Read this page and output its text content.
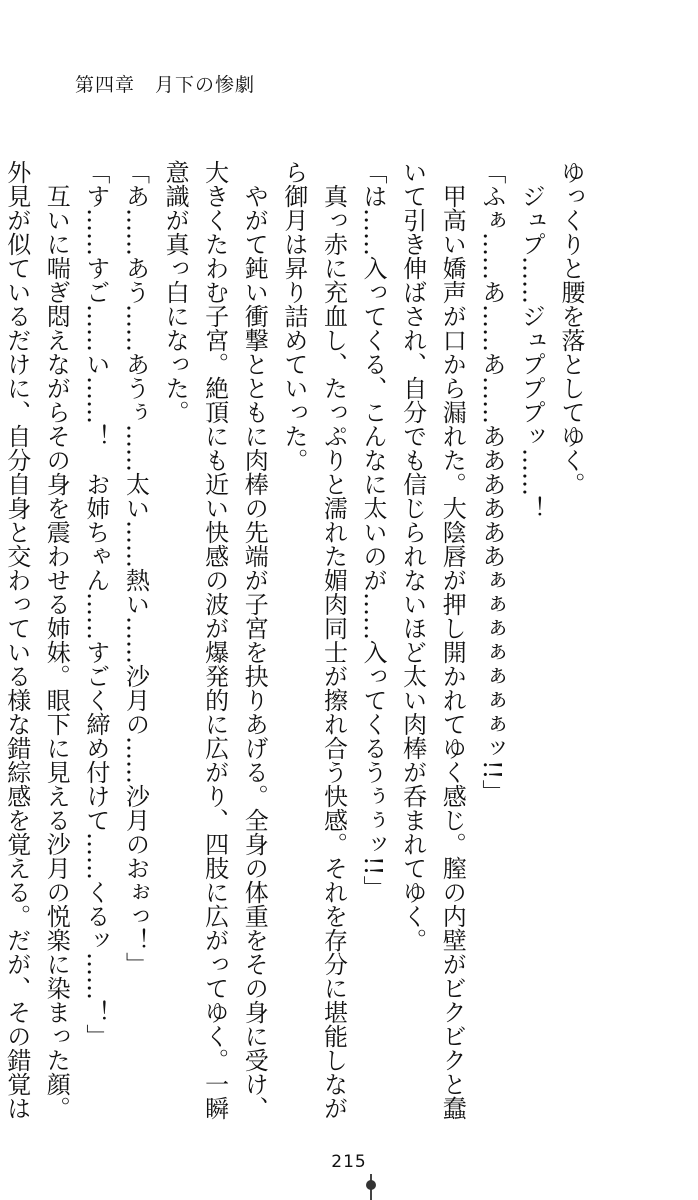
第四章　月下の惨劇
ゆっくりと腰を落としてゆく。
　ジュプ……ジュプププッ……！
「ふぁ……あ……あ……ああああああぁぁぁぁぁぁぁッ!!」
　甲高い嬌声が口から漏れた。大陰唇が押し開かれてゆく感じ。膣の内壁がビクビクと蠢
いて引き伸ばされ、自分でも信じられないほど太い肉棒が呑まれてゆく。
「は……入ってくる、こんなに太いのが……入ってくるうぅぅッ!!」
　真っ赤に充血し、たっぷりと濡れた媚肉同士が擦れ合う快感。それを存分に堪能しなが
ら御月は昇り詰めていった。
　やがて鈍い衝撃とともに肉棒の先端が子宮を抉りあげる。全身の体重をその身に受け、
大きくたわむ子宮。絶頂にも近い快感の波が爆発的に広がり、四肢に広がってゆく。一瞬
意識が真っ白になった。
「あ……あう……あうぅ……太い……熱い……沙月の……沙月のおぉっ！」
「す……すご……い……！　お姉ちゃん……すごく締め付けて……くるッ……！」
　互いに喘ぎ悶えながらその身を震わせる姉妹。眼下に見える沙月の悦楽に染まった顔。
外見が似ているだけに、自分自身と交わっている様な錯綜感を覚える。だが、その錯覚は
215
